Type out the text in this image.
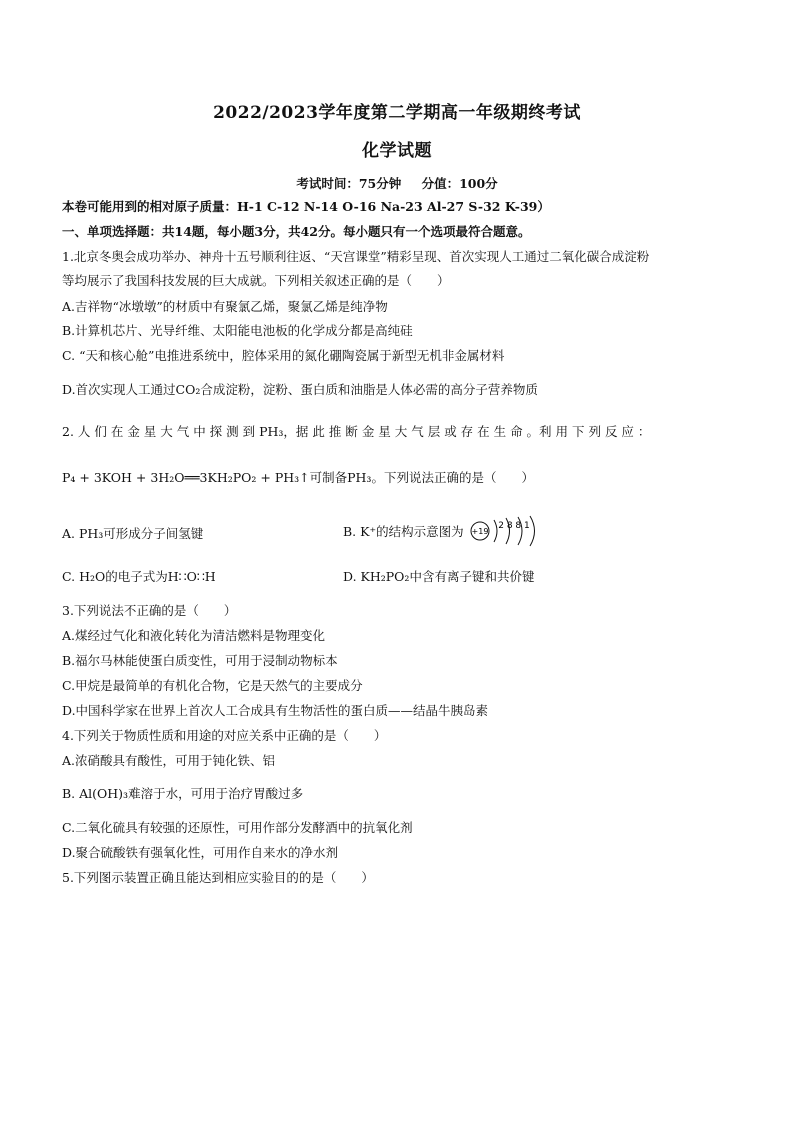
2022/2023学年度第二学期高一年级期终考试
化学试题
考试时间：75分钟 分值：100分
本卷可能用到的相对原子质量：H-1 C-12 N-14 O-16 Na-23 Al-27 S-32 K-39）
一、单项选择题：共14题，每小题3分，共42分。每小题只有一个选项最符合题意。
1.北京冬奥会成功举办、神舟十五号顺利往返、“天宫课堂”精彩呈现、首次实现人工通过二氧化碳合成淀粉
等均展示了我国科技发展的巨大成就。下列相关叙述正确的是（　　）
A.吉祥物“冰墩墩”的材质中有聚氯乙烯，聚氯乙烯是纯净物
B.计算机芯片、光导纤维、太阳能电池板的化学成分都是高纯硅
C. “天和核心舱”电推进系统中，腔体采用的氮化硼陶瓷属于新型无机非金属材料
D.首次实现人工通过CO₂合成淀粉，淀粉、蛋白质和油脂是人体必需的高分子营养物质
2. 人 们 在 金 星 大 气 中 探 测 到 PH₃，据 此 推 断 金 星 大 气 层 或 存 在 生 命 。利 用 下 列 反 应 ：
P₄ + 3KOH + 3H₂O══3KH₂PO₂ + PH₃↑可制备PH₃。下列说法正确的是（　　）
A. PH₃可形成分子间氢键	B. K⁺的结构示意图为 +19
2 8 8 1
C. H₂O的电子式为H∷O∷H	D. KH₂PO₂中含有离子键和共价键
3.下列说法不正确的是（　　）
A.煤经过气化和液化转化为清洁燃料是物理变化
B.福尔马林能使蛋白质变性，可用于浸制动物标本
C.甲烷是最简单的有机化合物，它是天然气的主要成分
D.中国科学家在世界上首次人工合成具有生物活性的蛋白质——结晶牛胰岛素
4.下列关于物质性质和用途的对应关系中正确的是（　　）
A.浓硝酸具有酸性，可用于钝化铁、铝
B. Al(OH)₃难溶于水，可用于治疗胃酸过多
C.二氧化硫具有较强的还原性，可用作部分发酵酒中的抗氧化剂
D.聚合硫酸铁有强氧化性，可用作自来水的净水剂
5.下列图示装置正确且能达到相应实验目的的是（　　）
